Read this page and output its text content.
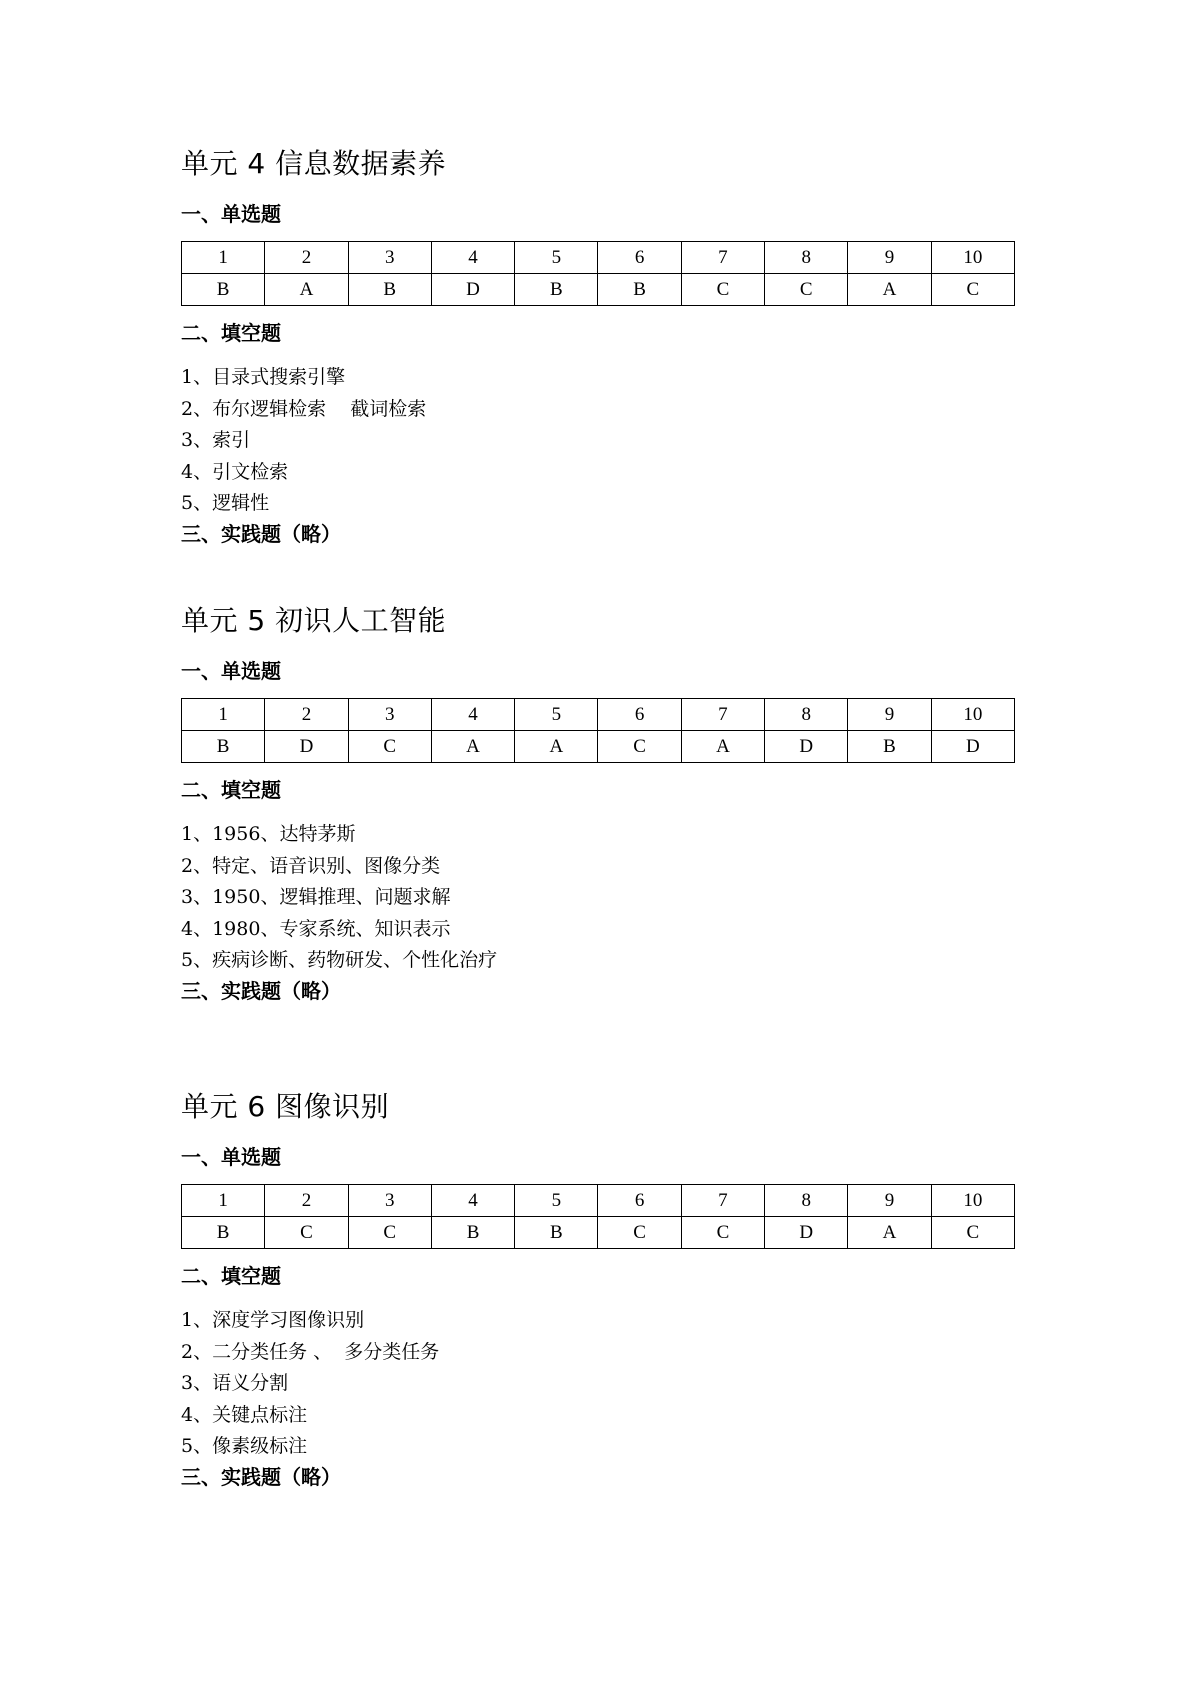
单元 4 信息数据素养
一、单选题
1	2	3	4	5	6	7	8	9	10
B	A	B	D	B	B	C	C	A	C
二、填空题
1、目录式搜索引擎
2、布尔逻辑检索    截词检索
3、索引
4、引文检索
5、逻辑性
三、实践题（略）
单元 5 初识人工智能
一、单选题
1	2	3	4	5	6	7	8	9	10
B	D	C	A	A	C	A	D	B	D
二、填空题
1、1956、达特茅斯
2、特定、语音识别、图像分类
3、1950、逻辑推理、问题求解
4、1980、专家系统、知识表示
5、疾病诊断、药物研发、个性化治疗
三、实践题（略）
单元 6 图像识别
一、单选题
1	2	3	4	5	6	7	8	9	10
B	C	C	B	B	C	C	D	A	C
二、填空题
1、深度学习图像识别
2、二分类任务 、  多分类任务
3、语义分割
4、关键点标注
5、像素级标注
三、实践题（略）
